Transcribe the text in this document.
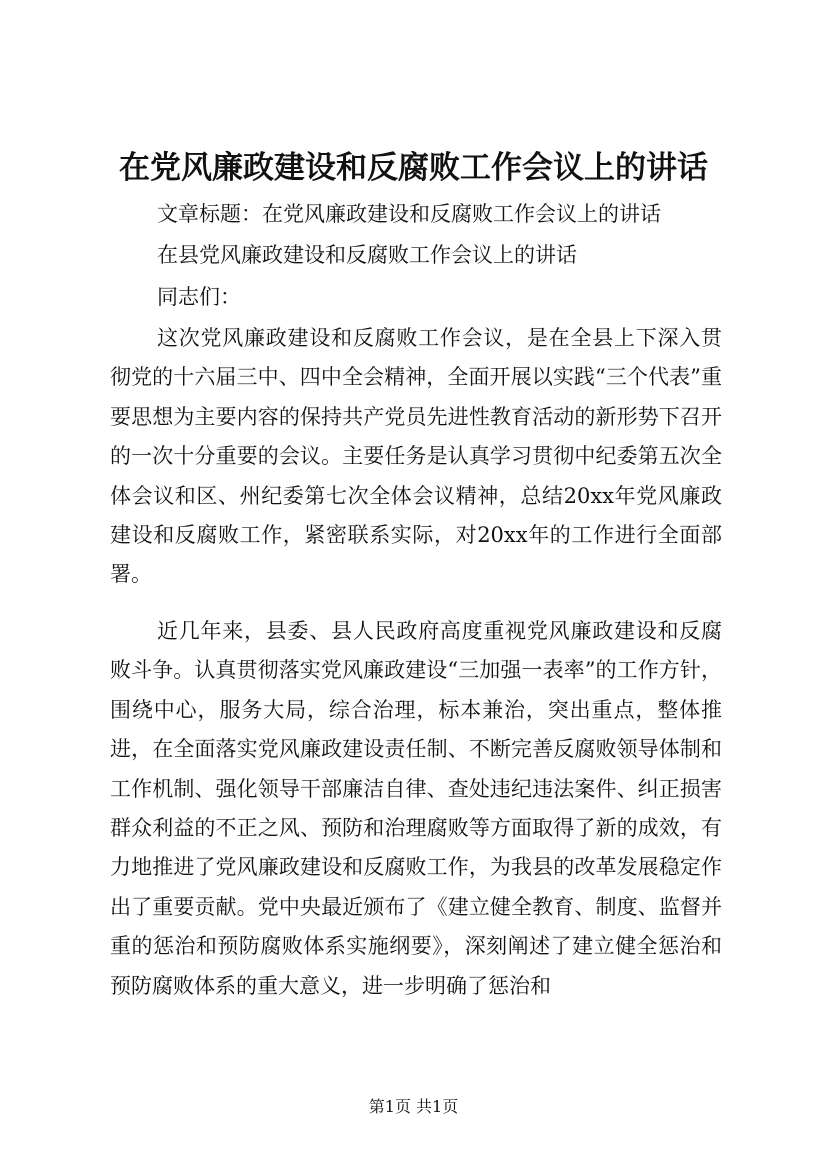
在党风廉政建设和反腐败工作会议上的讲话
文章标题：在党风廉政建设和反腐败工作会议上的讲话
在县党风廉政建设和反腐败工作会议上的讲话
同志们：

这次党风廉政建设和反腐败工作会议，是在全县上下深入贯彻党的十六届三中、四中全会精神，全面开展以实践“三个代表”重要思想为主要内容的保持共产党员先进性教育活动的新形势下召开的一次十分重要的会议。主要任务是认真学习贯彻中纪委第五次全体会议和区、州纪委第七次全体会议精神，总结20xx年党风廉政建设和反腐败工作，紧密联系实际，对20xx年的工作进行全面部署。

近几年来，县委、县人民政府高度重视党风廉政建设和反腐败斗争。认真贯彻落实党风廉政建设“三加强一表率”的工作方针，围绕中心，服务大局，综合治理，标本兼治，突出重点，整体推进，在全面落实党风廉政建设责任制、不断完善反腐败领导体制和工作机制、强化领导干部廉洁自律、查处违纪违法案件、纠正损害群众利益的不正之风、预防和治理腐败等方面取得了新的成效，有力地推进了党风廉政建设和反腐败工作，为我县的改革发展稳定作出了重要贡献。党中央最近颁布了《建立健全教育、制度、监督并重的惩治和预防腐败体系实施纲要》，深刻阐述了建立健全惩治和预防腐败体系的重大意义，进一步明确了惩治和

第1页 共1页
